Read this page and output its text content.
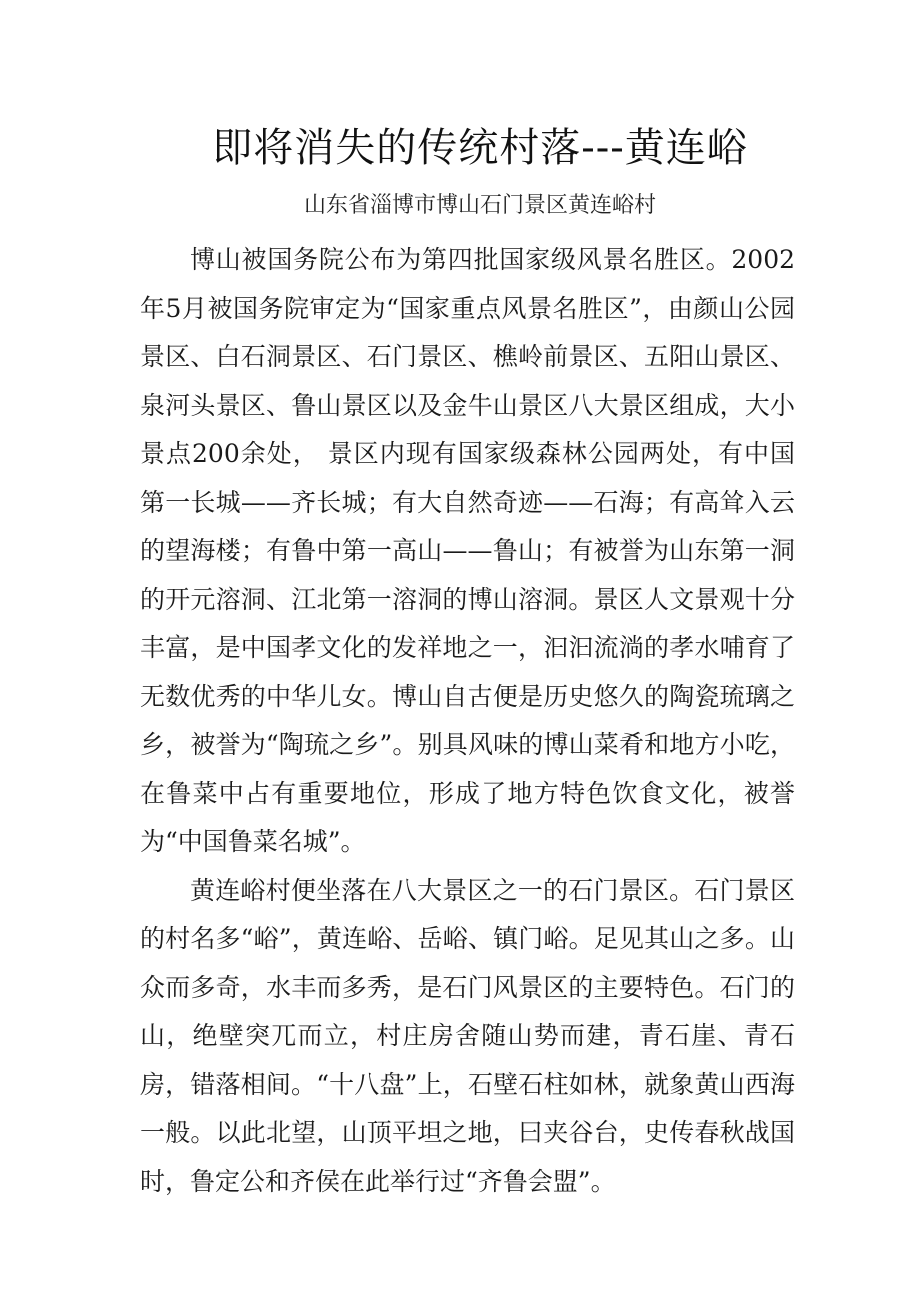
即将消失的传统村落---黄连峪
山东省淄博市博山石门景区黄连峪村

博山被国务院公布为第四批国家级风景名胜区。2002 年5月被国务院审定为“国家重点风景名胜区”，由颜山公园景区、白石洞景区、石门景区、樵岭前景区、五阳山景区、泉河头景区、鲁山景区以及金牛山景区八大景区组成，大小景点200余处， 景区内现有国家级森林公园两处，有中国第一长城——齐长城；有大自然奇迹——石海；有高耸入云的望海楼；有鲁中第一高山——鲁山；有被誉为山东第一洞的开元溶洞、江北第一溶洞的博山溶洞。景区人文景观十分丰富，是中国孝文化的发祥地之一，汩汩流淌的孝水哺育了无数优秀的中华儿女。博山自古便是历史悠久的陶瓷琉璃之乡，被誉为“陶琉之乡”。别具风味的博山菜肴和地方小吃，在鲁菜中占有重要地位，形成了地方特色饮食文化，被誉为“中国鲁菜名城”。

黄连峪村便坐落在八大景区之一的石门景区。石门景区的村名多“峪”，黄连峪、岳峪、镇门峪。足见其山之多。山众而多奇，水丰而多秀，是石门风景区的主要特色。石门的山，绝壁突兀而立，村庄房舍随山势而建，青石崖、青石房，错落相间。“十八盘”上，石壁石柱如林，就象黄山西海一般。以此北望，山顶平坦之地，曰夹谷台，史传春秋战国时，鲁定公和齐侯在此举行过“齐鲁会盟”。
